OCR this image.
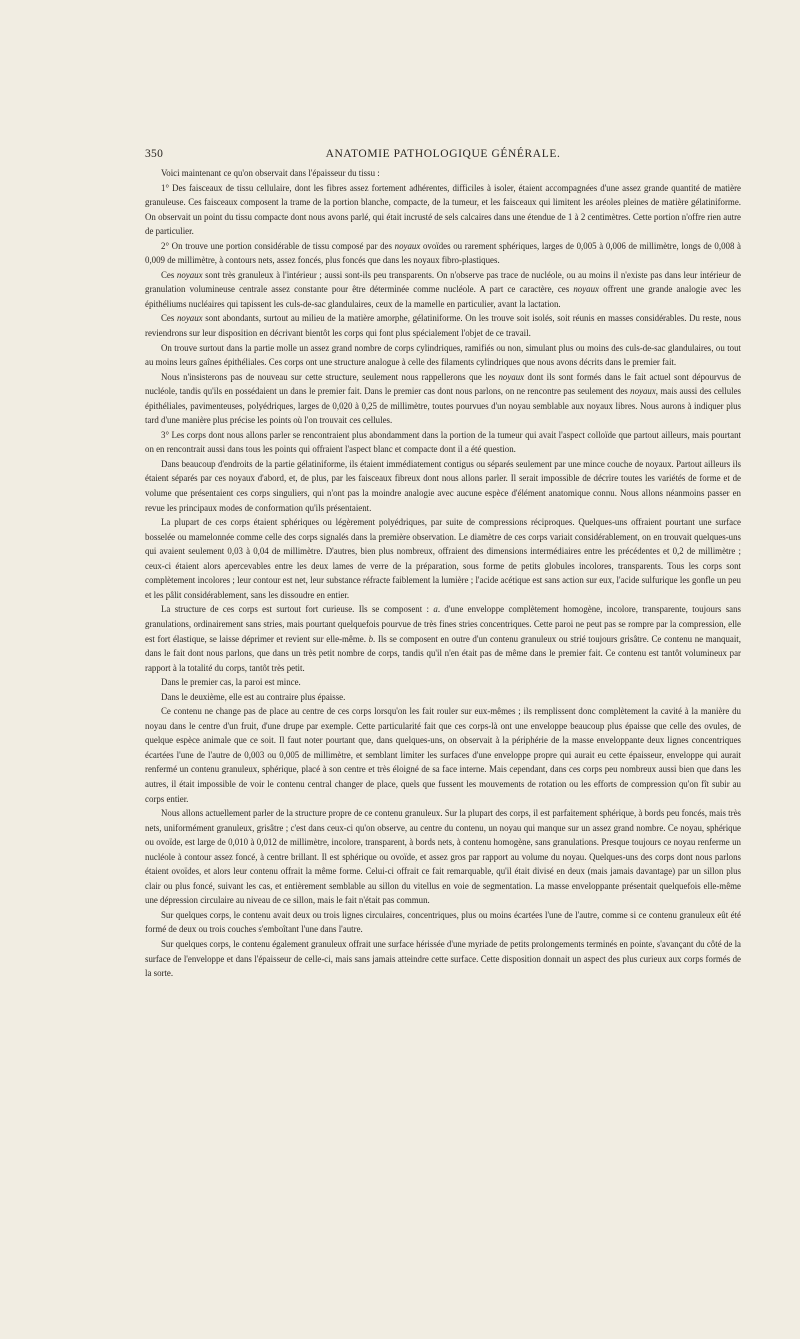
350	ANATOMIE PATHOLOGIQUE GÉNÉRALE.

Voici maintenant ce qu'on observait dans l'épaisseur du tissu :

1° Des faisceaux de tissu cellulaire, dont les fibres assez fortement adhérentes, difficiles à isoler, étaient accompagnées d'une assez grande quantité de matière granuleuse. Ces faisceaux composent la trame de la portion blanche, compacte, de la tumeur, et les faisceaux qui limitent les aréoles pleines de matière gélatiniforme. On observait un point du tissu compacte dont nous avons parlé, qui était incrusté de sels calcaires dans une étendue de 1 à 2 centimètres. Cette portion n'offre rien autre de particulier.

2° On trouve une portion considérable de tissu composé par des noyaux ovoïdes ou rarement sphériques, larges de 0,005 à 0,006 de millimètre, longs de 0,008 à 0,009 de millimètre, à contours nets, assez foncés, plus foncés que dans les noyaux fibro-plastiques.

Ces noyaux sont très granuleux à l'intérieur ; aussi sont-ils peu transparents. On n'observe pas trace de nucléole, ou au moins il n'existe pas dans leur intérieur de granulation volumineuse centrale assez constante pour être déterminée comme nucléole. A part ce caractère, ces noyaux offrent une grande analogie avec les épithéliums nucléaires qui tapissent les culs-de-sac glandulaires, ceux de la mamelle en particulier, avant la lactation.

Ces noyaux sont abondants, surtout au milieu de la matière amorphe, gélatiniforme. On les trouve soit isolés, soit réunis en masses considérables. Du reste, nous reviendrons sur leur disposition en décrivant bientôt les corps qui font plus spécialement l'objet de ce travail.

On trouve surtout dans la partie molle un assez grand nombre de corps cylindriques, ramifiés ou non, simulant plus ou moins des culs-de-sac glandulaires, ou tout au moins leurs gaînes épithéliales. Ces corps ont une structure analogue à celle des filaments cylindriques que nous avons décrits dans le premier fait.

Nous n'insisterons pas de nouveau sur cette structure, seulement nous rappellerons que les noyaux dont ils sont formés dans le fait actuel sont dépourvus de nucléole, tandis qu'ils en possédaient un dans le premier fait. Dans le premier cas dont nous parlons, on ne rencontre pas seulement des noyaux, mais aussi des cellules épithéliales, pavimenteuses, polyédriques, larges de 0,020 à 0,25 de millimètre, toutes pourvues d'un noyau semblable aux noyaux libres. Nous aurons à indiquer plus tard d'une manière plus précise les points où l'on trouvait ces cellules.

3° Les corps dont nous allons parler se rencontraient plus abondamment dans la portion de la tumeur qui avait l'aspect colloïde que partout ailleurs, mais pourtant on en rencontrait aussi dans tous les points qui offraient l'aspect blanc et compacte dont il a été question.

Dans beaucoup d'endroits de la partie gélatiniforme, ils étaient immédiatement contigus ou séparés seulement par une mince couche de noyaux. Partout ailleurs ils étaient séparés par ces noyaux d'abord, et, de plus, par les faisceaux fibreux dont nous allons parler. Il serait impossible de décrire toutes les variétés de forme et de volume que présentaient ces corps singuliers, qui n'ont pas la moindre analogie avec aucune espèce d'élément anatomique connu. Nous allons néanmoins passer en revue les principaux modes de conformation qu'ils présentaient.

La plupart de ces corps étaient sphériques ou légèrement polyédriques, par suite de compressions réciproques. Quelques-uns offraient pourtant une surface bosselée ou mamelonnée comme celle des corps signalés dans la première observation. Le diamètre de ces corps variait considérablement, on en trouvait quelques-uns qui avaient seulement 0,03 à 0,04 de millimètre. D'autres, bien plus nombreux, offraient des dimensions intermédiaires entre les précédentes et 0,2 de millimètre ; ceux-ci étaient alors apercevables entre les deux lames de verre de la préparation, sous forme de petits globules incolores, transparents. Tous les corps sont complètement incolores ; leur contour est net, leur substance réfracte faiblement la lumière ; l'acide acétique est sans action sur eux, l'acide sulfurique les gonfle un peu et les pâlit considérablement, sans les dissoudre en entier.

La structure de ces corps est surtout fort curieuse. Ils se composent : a. d'une enveloppe complètement homogène, incolore, transparente, toujours sans granulations, ordinairement sans stries, mais pourtant quelquefois pourvue de très fines stries concentriques. Cette paroi ne peut pas se rompre par la compression, elle est fort élastique, se laisse déprimer et revient sur elle-même. b. Ils se composent en outre d'un contenu granuleux ou strié toujours grisâtre. Ce contenu ne manquait, dans le fait dont nous parlons, que dans un très petit nombre de corps, tandis qu'il n'en était pas de même dans le premier fait. Ce contenu est tantôt volumineux par rapport à la totalité du corps, tantôt très petit.

Dans le premier cas, la paroi est mince.

Dans le deuxième, elle est au contraire plus épaisse.

Ce contenu ne change pas de place au centre de ces corps lorsqu'on les fait rouler sur eux-mêmes ; ils remplissent donc complètement la cavité à la manière du noyau dans le centre d'un fruit, d'une drupe par exemple. Cette particularité fait que ces corps-là ont une enveloppe beaucoup plus épaisse que celle des ovules, de quelque espèce animale que ce soit. Il faut noter pourtant que, dans quelques-uns, on observait à la périphérie de la masse enveloppante deux lignes concentriques écartées l'une de l'autre de 0,003 ou 0,005 de millimètre, et semblant limiter les surfaces d'une enveloppe propre qui aurait eu cette épaisseur, enveloppe qui aurait renfermé un contenu granuleux, sphérique, placé à son centre et très éloigné de sa face interne. Mais cependant, dans ces corps peu nombreux aussi bien que dans les autres, il était impossible de voir le contenu central changer de place, quels que fussent les mouvements de rotation ou les efforts de compression qu'on fît subir au corps entier.

Nous allons actuellement parler de la structure propre de ce contenu granuleux. Sur la plupart des corps, il est parfaitement sphérique, à bords peu foncés, mais très nets, uniformément granuleux, grisâtre ; c'est dans ceux-ci qu'on observe, au centre du contenu, un noyau qui manque sur un assez grand nombre. Ce noyau, sphérique ou ovoïde, est large de 0,010 à 0,012 de millimètre, incolore, transparent, à bords nets, à contenu homogène, sans granulations. Presque toujours ce noyau renferme un nucléole à contour assez foncé, à centre brillant. Il est sphérique ou ovoïde, et assez gros par rapport au volume du noyau. Quelques-uns des corps dont nous parlons étaient ovoïdes, et alors leur contenu offrait la même forme. Celui-ci offrait ce fait remarquable, qu'il était divisé en deux (mais jamais davantage) par un sillon plus clair ou plus foncé, suivant les cas, et entièrement semblable au sillon du vitellus en voie de segmentation. La masse enveloppante présentait quelquefois elle-même une dépression circulaire au niveau de ce sillon, mais le fait n'était pas commun.

Sur quelques corps, le contenu avait deux ou trois lignes circulaires, concentriques, plus ou moins écartées l'une de l'autre, comme si ce contenu granuleux eût été formé de deux ou trois couches s'emboîtant l'une dans l'autre.

Sur quelques corps, le contenu également granuleux offrait une surface hérissée d'une myriade de petits prolongements terminés en pointe, s'avançant du côté de la surface de l'enveloppe et dans l'épaisseur de celle-ci, mais sans jamais atteindre cette surface. Cette disposition donnait un aspect des plus curieux aux corps formés de la sorte.
